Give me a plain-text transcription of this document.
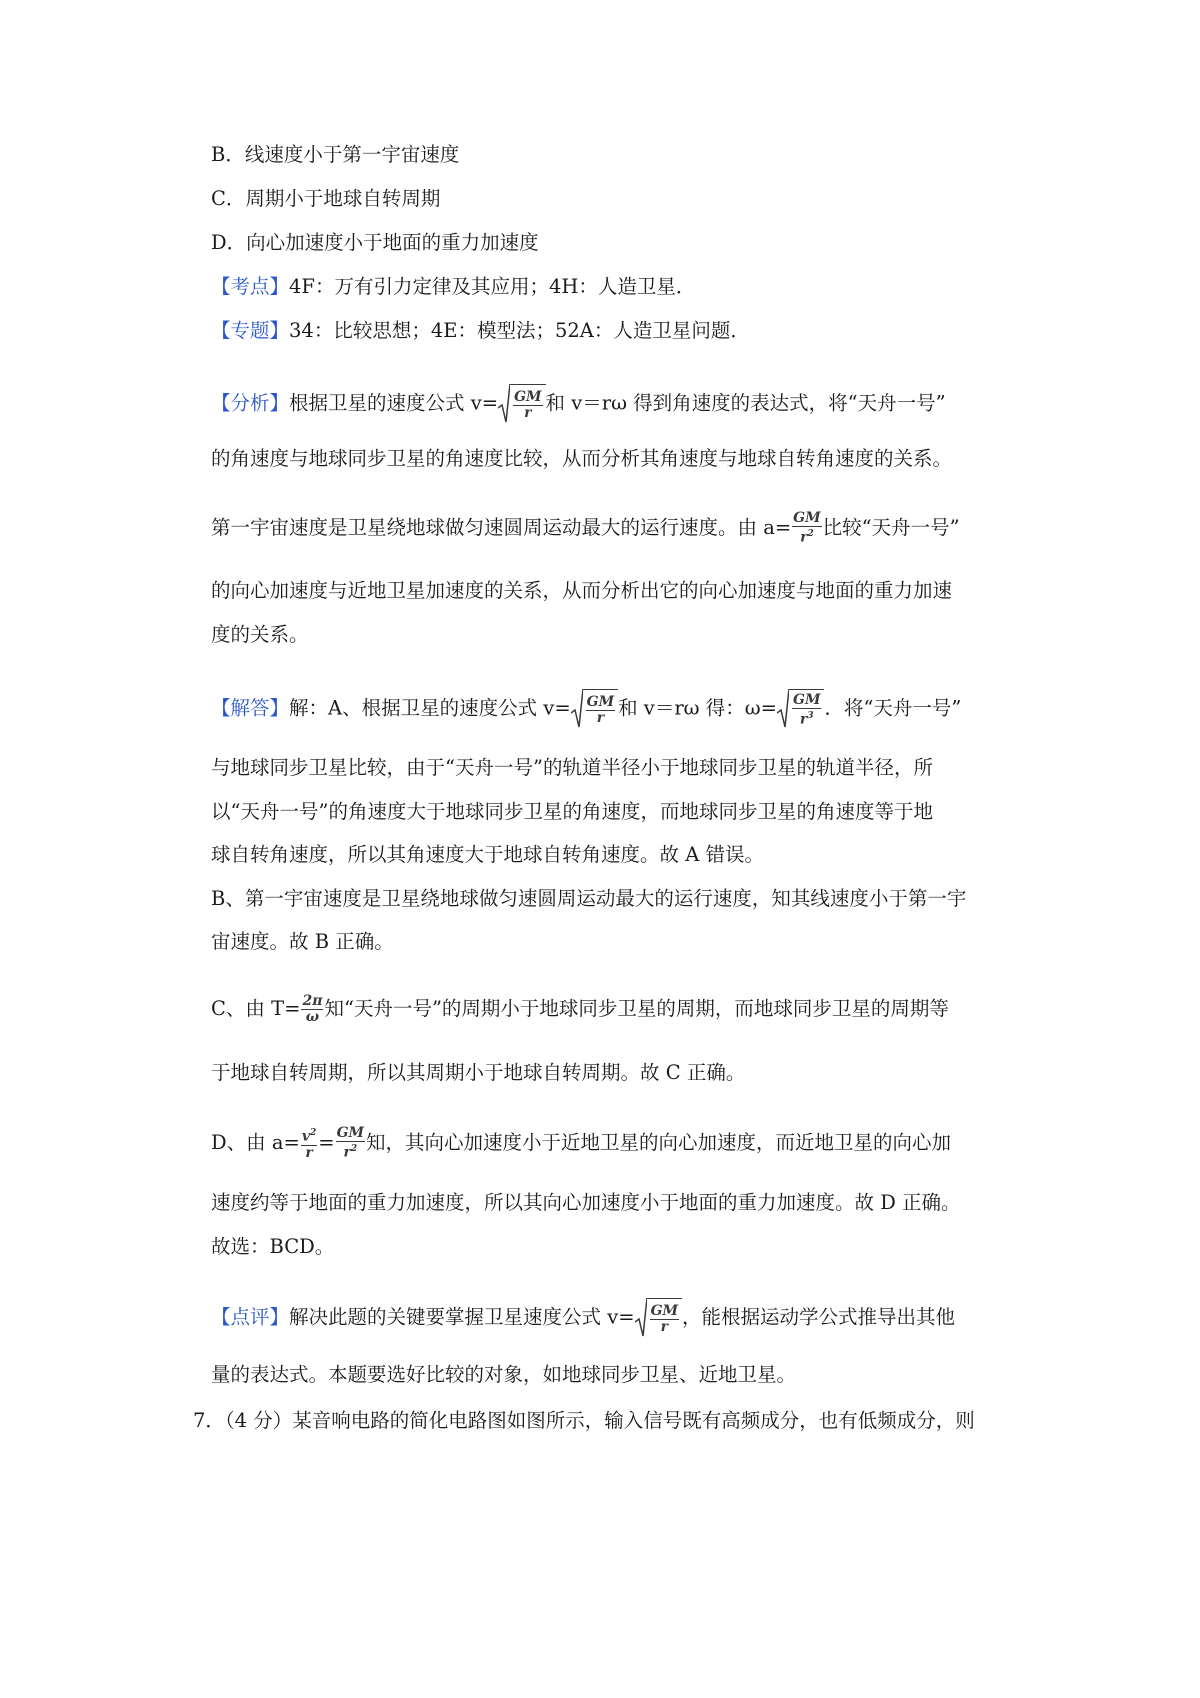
B．线速度小于第一宇宙速度
C．周期小于地球自转周期
D．向心加速度小于地面的重力加速度
【考点】4F：万有引力定律及其应用；4H：人造卫星．
【专题】34：比较思想；4E：模型法；52A：人造卫星问题．
【分析】根据卫星的速度公式 $v= \frac{GM}{r}$ 和 v＝rω 得到角速度的表达式，将“天舟一号”
的角速度与地球同步卫星的角速度比较，从而分析其角速度与地球自转角速度的关系。
第一宇宙速度是卫星绕地球做匀速圆周运动最大的运行速度。由 $a= \frac{GM}{r^2}$ 比较“天舟一号”
的向心加速度与近地卫星加速度的关系，从而分析出它的向心加速度与地面的重力加速
度的关系。
【解答】解：A、根据卫星的速度公式 $v= \frac{GM}{r}$ 和 v＝rω 得：$\omega= \frac{GM}{r^3}$ ．将“天舟一号”
与地球同步卫星比较，由于“天舟一号”的轨道半径小于地球同步卫星的轨道半径，所
以“天舟一号”的角速度大于地球同步卫星的角速度，而地球同步卫星的角速度等于地
球自转角速度，所以其角速度大于地球自转角速度。故 A 错误。
B、第一宇宙速度是卫星绕地球做匀速圆周运动最大的运行速度，知其线速度小于第一宇
宙速度。故 B 正确。
C、由 $T= \frac{2\pi}{\omega}$ 知“天舟一号”的周期小于地球同步卫星的周期，而地球同步卫星的周期等
于地球自转周期，所以其周期小于地球自转周期。故 C 正确。
D、由 $a= \frac{v^2}{r} = \frac{GM}{r^2}$ 知，其向心加速度小于近地卫星的向心加速度，而近地卫星的向心加
速度约等于地面的重力加速度，所以其向心加速度小于地面的重力加速度。故 D 正确。
故选：BCD。
【点评】解决此题的关键要掌握卫星速度公式 $v= \frac{GM}{r}$ ，能根据运动学公式推导出其他
量的表达式。本题要选好比较的对象，如地球同步卫星、近地卫星。
7．（4 分）某音响电路的简化电路图如图所示，输入信号既有高频成分，也有低频成分，则
